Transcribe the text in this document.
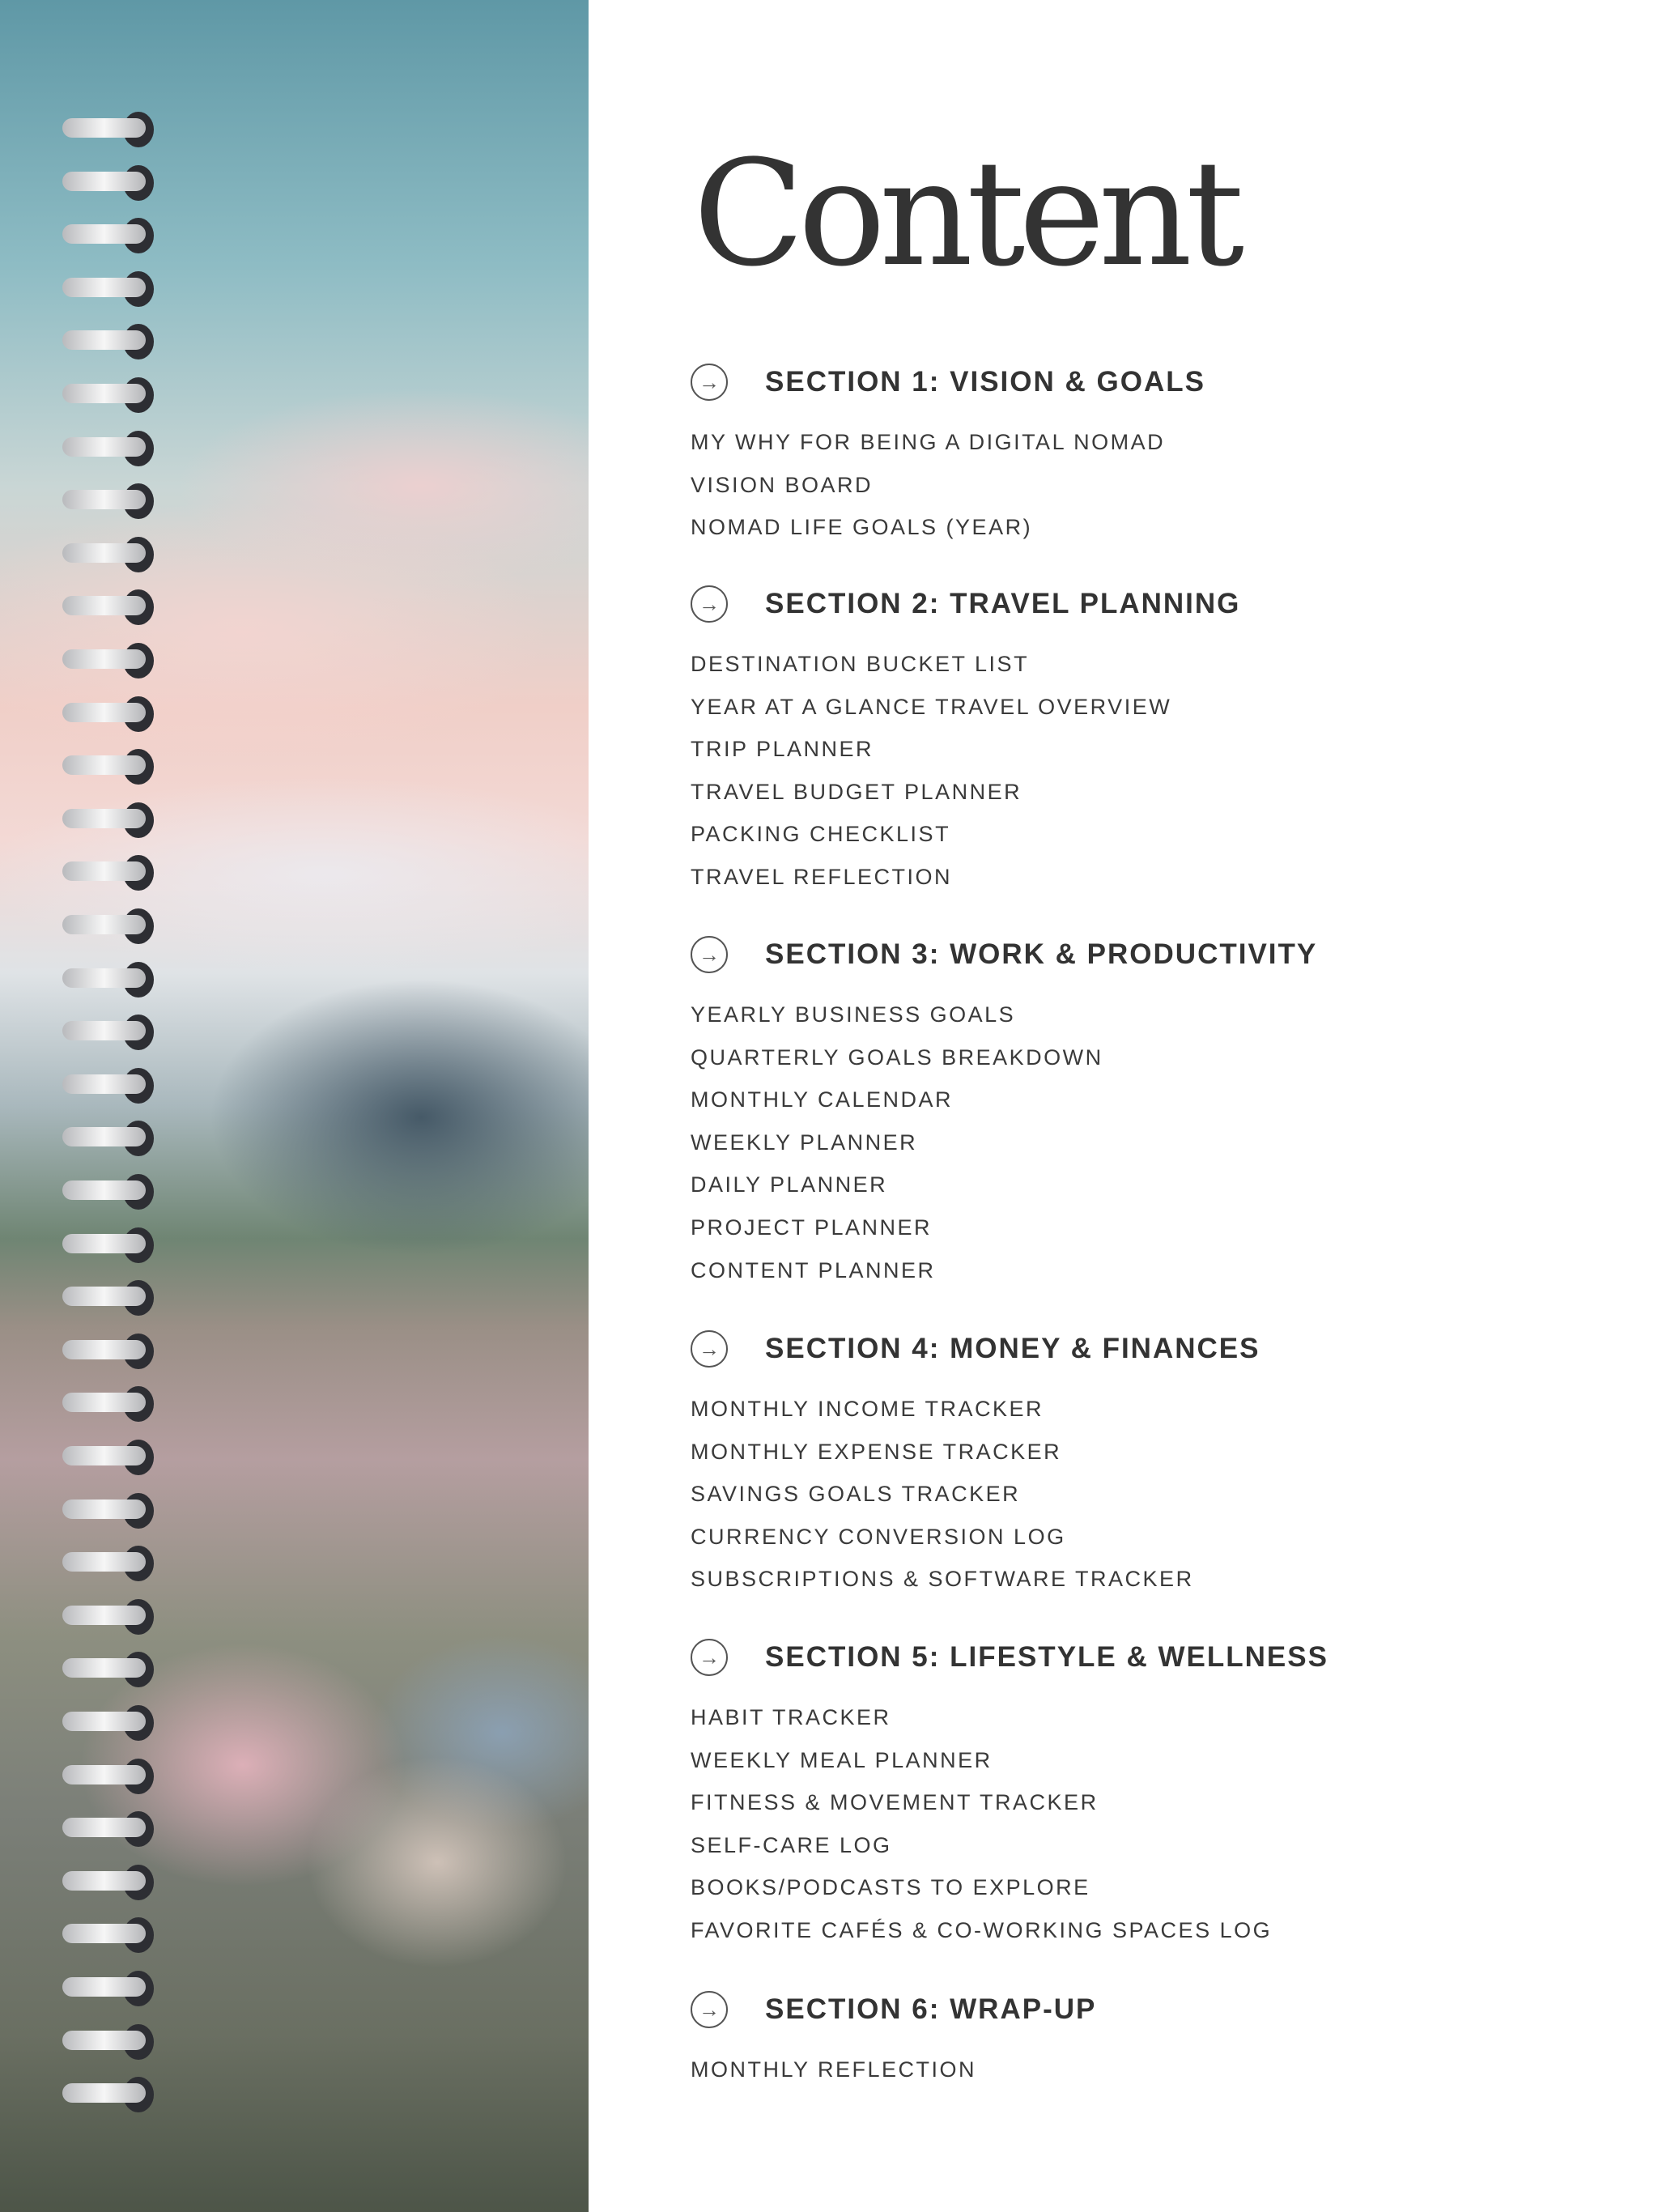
Content
→ SECTION 1: VISION & GOALS
MY WHY FOR BEING A DIGITAL NOMAD
VISION BOARD
NOMAD LIFE GOALS (YEAR)
→ SECTION 2: TRAVEL PLANNING
DESTINATION BUCKET LIST
YEAR AT A GLANCE TRAVEL OVERVIEW
TRIP PLANNER
TRAVEL BUDGET PLANNER
PACKING CHECKLIST
TRAVEL REFLECTION
→ SECTION 3: WORK & PRODUCTIVITY
YEARLY BUSINESS GOALS
QUARTERLY GOALS BREAKDOWN
MONTHLY CALENDAR
WEEKLY PLANNER
DAILY PLANNER
PROJECT PLANNER
CONTENT PLANNER
→ SECTION 4: MONEY & FINANCES
MONTHLY INCOME TRACKER
MONTHLY EXPENSE TRACKER
SAVINGS GOALS TRACKER
CURRENCY CONVERSION LOG
SUBSCRIPTIONS & SOFTWARE TRACKER
→ SECTION 5: LIFESTYLE & WELLNESS
HABIT TRACKER
WEEKLY MEAL PLANNER
FITNESS & MOVEMENT TRACKER
SELF-CARE LOG
BOOKS/PODCASTS TO EXPLORE
FAVORITE CAFÉS & CO-WORKING SPACES LOG
→ SECTION 6: WRAP-UP
MONTHLY REFLECTION
